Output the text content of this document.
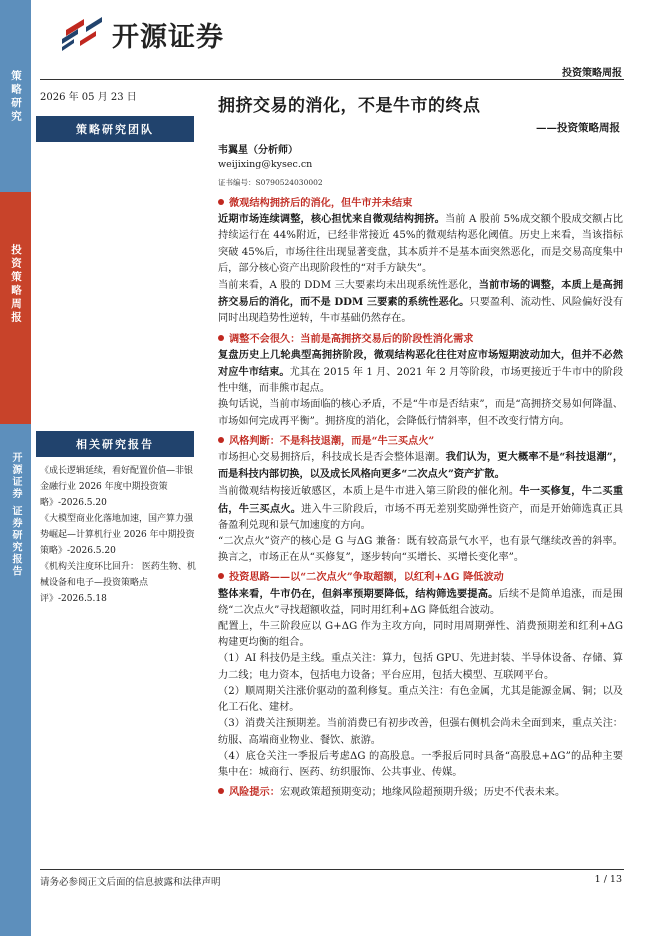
策略研究
投资策略周报
开源证券 证券研究报告
开源证券
投资策略周报
2026 年 05 月 23 日
策略研究团队
相关研究报告

《成长逻辑延续，看好配置价值—非银金融行业 2026 年度中期投资策略》-2026.5.20

《大模型商业化落地加速，国产算力强势崛起—计算机行业 2026 年中期投资策略》-2026.5.20

《机构关注度环比回升： 医药生物、机械设备和电子—投资策略点评》-2026.5.18

拥挤交易的消化，不是牛市的终点
——投资策略周报
韦翼星（分析师）
weijixing@kysec.cn
证书编号：S0790524030002

微观结构拥挤后的消化，但牛市并未结束

近期市场连续调整，核心担忧来自微观结构拥挤。当前 A 股前 5%成交额个股成交额占比持续运行在 44%附近，已经非常接近 45%的微观结构恶化阈值。历史上来看，当该指标突破 45%后，市场往往出现显著变盘，其本质并不是基本面突然恶化，而是交易高度集中后，部分核心资产出现阶段性的“对手方缺失”。

当前来看，A 股的 DDM 三大要素均未出现系统性恶化，当前市场的调整，本质上是高拥挤交易后的消化，而不是 DDM 三要素的系统性恶化。只要盈利、流动性、风险偏好没有同时出现趋势性逆转，牛市基础仍然存在。

调整不会很久：当前是高拥挤交易后的阶段性消化需求

复盘历史上几轮典型高拥挤阶段，微观结构恶化往往对应市场短期波动加大，但并不必然对应牛市结束。尤其在 2015 年 1 月、2021 年 2 月等阶段，市场更接近于牛市中的阶段性中继，而非熊市起点。

换句话说，当前市场面临的核心矛盾，不是“牛市是否结束”，而是“高拥挤交易如何降温、市场如何完成再平衡”。拥挤度的消化，会降低行情斜率，但不改变行情方向。

风格判断：不是科技退潮，而是“牛三买点火”

市场担心交易拥挤后，科技成长是否会整体退潮。我们认为，更大概率不是“科技退潮”，而是科技内部切换，以及成长风格向更多“二次点火”资产扩散。

当前微观结构接近敏感区，本质上是牛市进入第三阶段的催化剂。牛一买修复，牛二买重估，牛三买点火。进入牛三阶段后，市场不再无差别奖励弹性资产，而是开始筛选真正具备盈利兑现和景气加速度的方向。

“二次点火”资产的核心是 G 与ΔG 兼备：既有较高景气水平，也有景气继续改善的斜率。换言之，市场正在从“买修复”，逐步转向“买增长、买增长变化率”。

投资思路——以“二次点火”争取超额，以红利+ΔG 降低波动

整体来看，牛市仍在，但斜率预期要降低，结构筛选要提高。后续不是简单追涨，而是围绕“二次点火”寻找超额收益，同时用红利+ΔG 降低组合波动。

配置上，牛三阶段应以 G+ΔG 作为主攻方向，同时用周期弹性、消费预期差和红利+ΔG 构建更均衡的组合。

（1）AI 科技仍是主线。重点关注：算力，包括 GPU、先进封装、半导体设备、存储、算力二线；电力资本，包括电力设备；平台应用，包括大模型、互联网平台。

（2）顺周期关注涨价驱动的盈利修复。重点关注：有色金属，尤其是能源金属、铜；以及化工石化、建材。

（3）消费关注预期差。当前消费已有初步改善，但强右侧机会尚未全面到来，重点关注：纺服、高端商业物业、餐饮、旅游。

（4）底仓关注一季报后考虑ΔG 的高股息。一季报后同时具备“高股息+ΔG”的品种主要集中在：城商行、医药、纺织服饰、公共事业、传媒。

风险提示：宏观政策超预期变动；地缘风险超预期升级；历史不代表未来。

请务必参阅正文后面的信息披露和法律声明	1 / 13
